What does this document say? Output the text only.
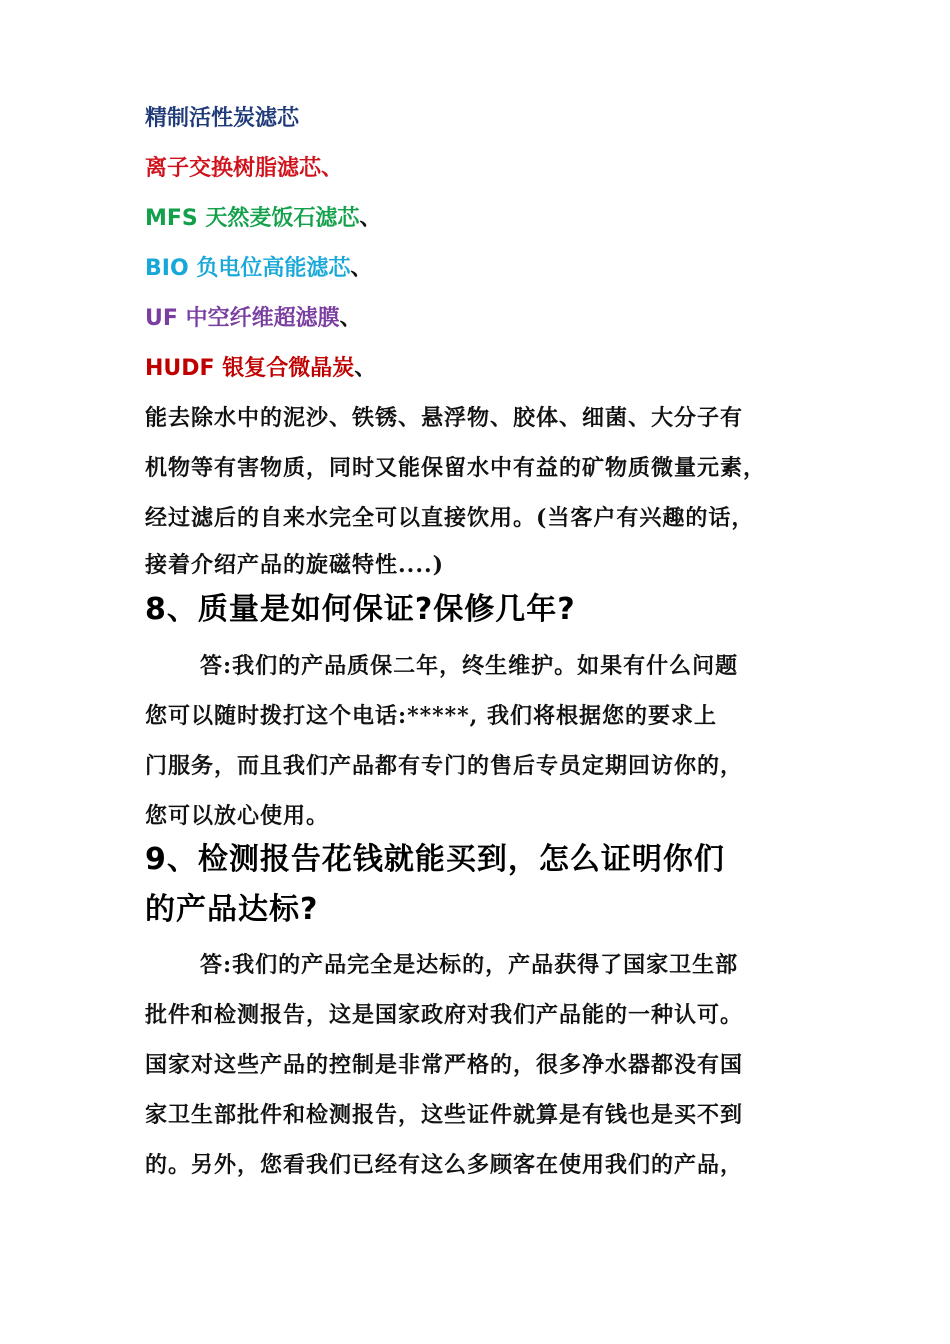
精制活性炭滤芯
离子交换树脂滤芯、
MFS 天然麦饭石滤芯、
BIO 负电位高能滤芯、
UF 中空纤维超滤膜、
HUDF 银复合微晶炭、
能去除水中的泥沙、铁锈、悬浮物、胶体、细菌、大分子有
机物等有害物质，同时又能保留水中有益的矿物质微量元素，
经过滤后的自来水完全可以直接饮用。(当客户有兴趣的话，
接着介绍产品的旋磁特性....)
8、质量是如何保证?保修几年?
答:我们的产品质保二年，终生维护。如果有什么问题
您可以随时拨打这个电话:*****, 我们将根据您的要求上
门服务，而且我们产品都有专门的售后专员定期回访你的，
您可以放心使用。
9、检测报告花钱就能买到，怎么证明你们
的产品达标?
答:我们的产品完全是达标的，产品获得了国家卫生部
批件和检测报告，这是国家政府对我们产品能的一种认可。
国家对这些产品的控制是非常严格的，很多净水器都没有国
家卫生部批件和检测报告，这些证件就算是有钱也是买不到
的。另外，您看我们已经有这么多顾客在使用我们的产品，
